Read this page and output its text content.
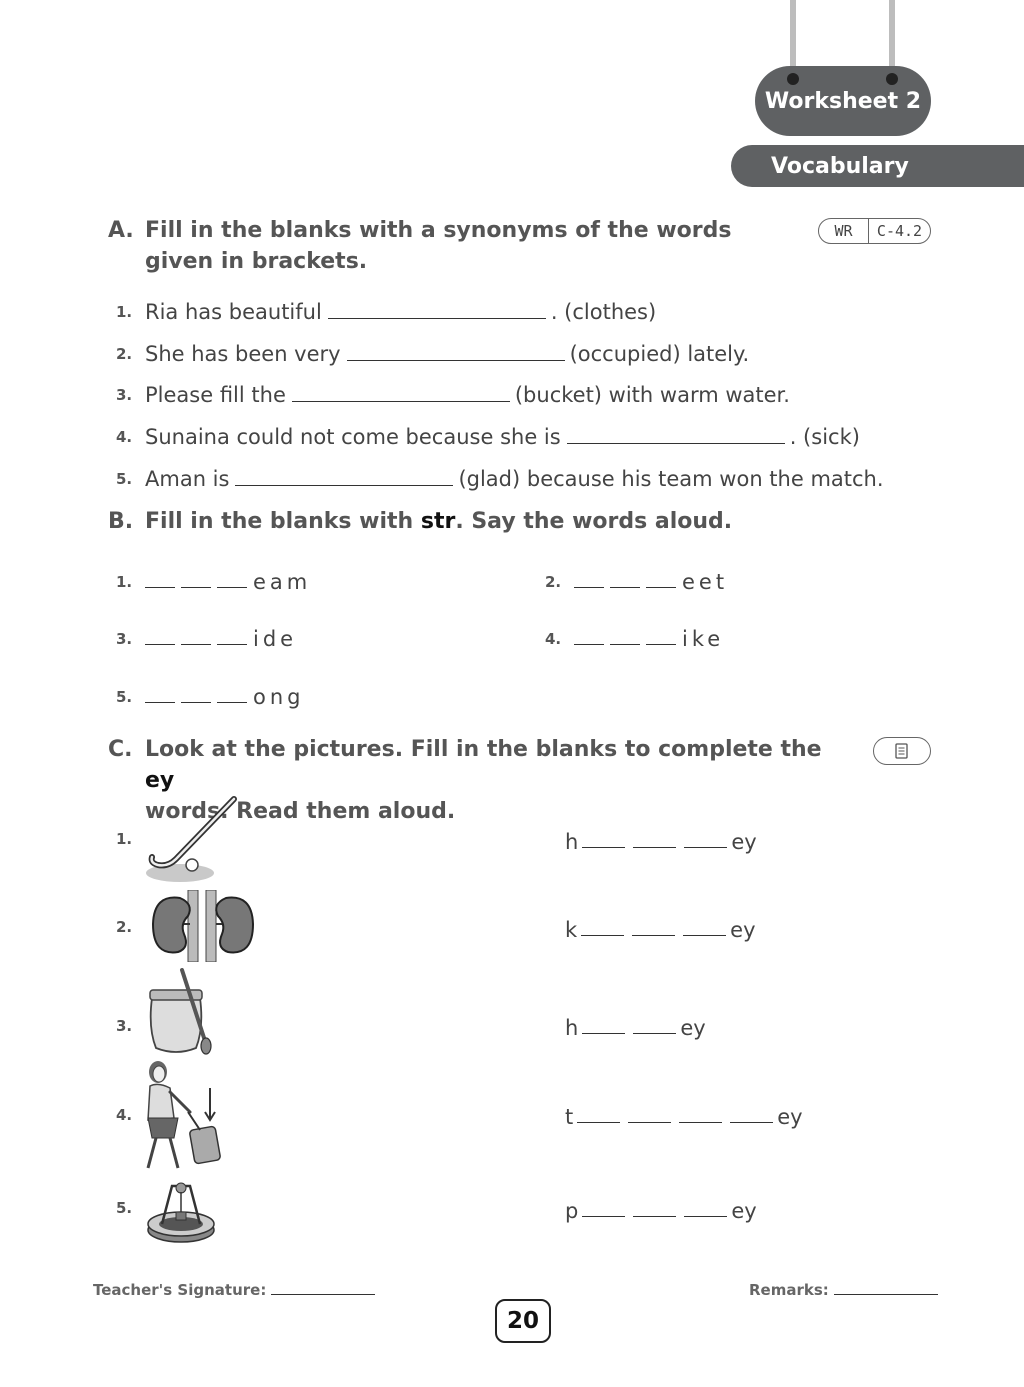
Worksheet 2
Vocabulary
A. Fill in the blanks with a synonyms of the words given in brackets.
WR	C-4.2
1. Ria has beautiful	. (clothes)
2. She has been very	(occupied) lately.
3. Please fill the	(bucket) with warm water.
4. Sunaina could not come because she is	. (sick)
5. Aman is	(glad) because his team won the match.
B. Fill in the blanks with str. Say the words aloud.
1.	eam	2.	eet
3.	ide	4.	ike
5.	ong
C. Look at the pictures. Fill in the blanks to complete the ey
words. Read them aloud.
1.	h	ey
2.	k	ey
3.	h	ey
4.	t	ey
5.	p	ey
Teacher's Signature:	Remarks:
20
